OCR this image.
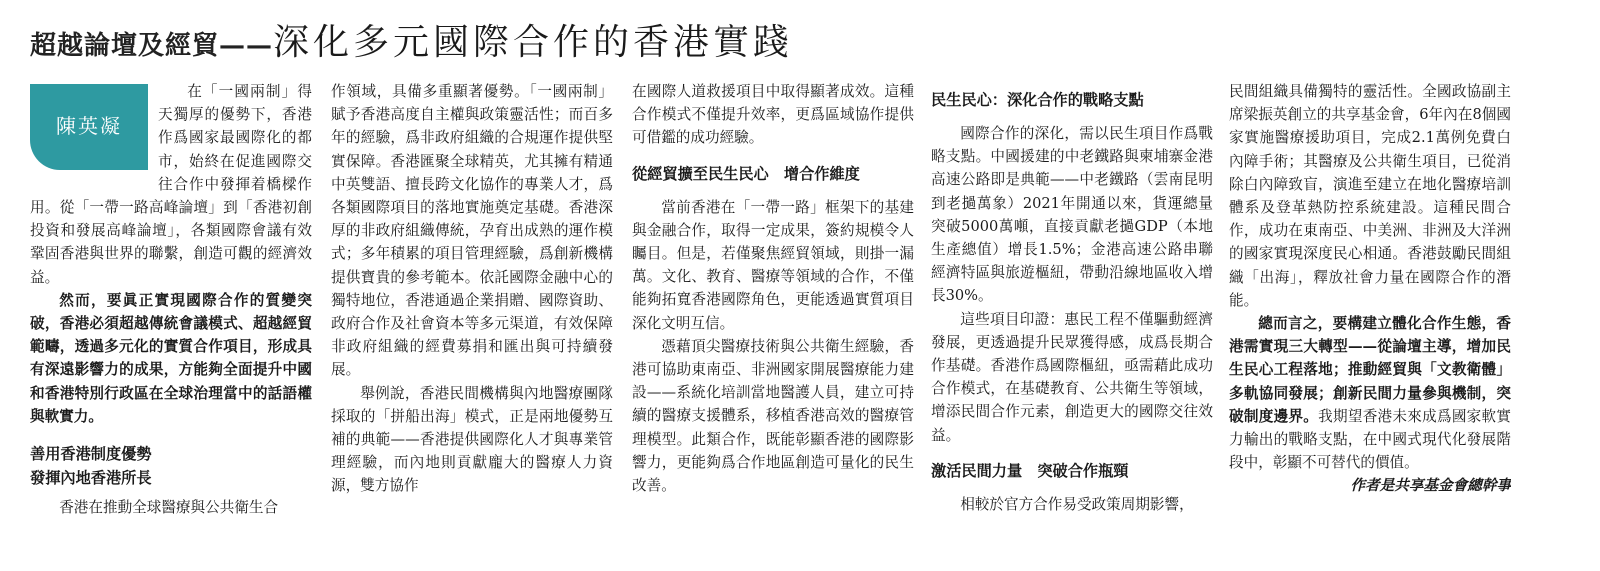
超越論壇及經貿—— 深化多元國際合作的香港實踐
陳英凝

在「一國兩制」得天獨厚的優勢下，香港作爲國家最國際化的都市，始終在促進國際交往合作中發揮着橋樑作用。從「一帶一路高峰論壇」到「香港初創投資和發展高峰論壇」，各類國際會議有效鞏固香港與世界的聯繫，創造可觀的經濟效益。

然而，要眞正實現國際合作的質變突破，香港必須超越傳統會議模式、超越經貿範疇，透過多元化的實質合作項目，形成具有深遠影響力的成果，方能夠全面提升中國和香港特別行政區在全球治理當中的話語權與軟實力。

善用香港制度優勢
發揮內地香港所長

香港在推動全球醫療與公共衛生合

作領域，具備多重顯著優勢。「一國兩制」賦予香港高度自主權與政策靈活性；而百多年的經驗，爲非政府組織的合規運作提供堅實保障。香港匯聚全球精英，尤其擁有精通中英雙語、擅長跨文化協作的專業人才，爲各類國際項目的落地實施奠定基礎。香港深厚的非政府組織傳統，孕育出成熟的運作模式；多年積累的項目管理經驗，爲創新機構提供寶貴的參考範本。依託國際金融中心的獨特地位，香港通過企業捐贈、國際資助、政府合作及社會資本等多元渠道，有效保障非政府組織的經費募捐和匯出與可持續發展。

舉例說，香港民間機構與內地醫療團隊採取的「拼船出海」模式，正是兩地優勢互補的典範——香港提供國際化人才與專業管理經驗，而內地則貢獻龐大的醫療人力資源，雙方協作

在國際人道救援項目中取得顯著成效。這種合作模式不僅提升效率，更爲區域協作提供可借鑑的成功經驗。

從經貿擴至民生民心　增合作維度

當前香港在「一帶一路」框架下的基建與金融合作，取得一定成果，簽約規模令人矚目。但是，若僅聚焦經貿領域，則掛一漏萬。文化、教育、醫療等領域的合作，不僅能夠拓寬香港國際角色，更能透過實質項目深化文明互信。

憑藉頂尖醫療技術與公共衛生經驗，香港可協助東南亞、非洲國家開展醫療能力建設——系統化培訓當地醫護人員，建立可持續的醫療支援體系，移植香港高效的醫療管理模型。此類合作，既能彰顯香港的國際影響力，更能夠爲合作地區創造可量化的民生改善。

民生民心：深化合作的戰略支點

國際合作的深化，需以民生項目作爲戰略支點。中國援建的中老鐵路與柬埔寨金港高速公路即是典範——中老鐵路（雲南昆明到老撾萬象）2021年開通以來，貨運總量突破5000萬噸，直接貢獻老撾GDP（本地生產總值）增長1.5%；金港高速公路串聯經濟特區與旅遊樞紐，帶動沿線地區收入增長30%。

這些項目印證：惠民工程不僅驅動經濟發展，更透過提升民眾獲得感，成爲長期合作基礎。香港作爲國際樞紐，亟需藉此成功合作模式，在基礎教育、公共衛生等領域，增添民間合作元素，創造更大的國際交往效益。

激活民間力量　突破合作瓶頸

相較於官方合作易受政策周期影響，

民間組織具備獨特的靈活性。全國政協副主席梁振英創立的共享基金會，6年內在8個國家實施醫療援助項目，完成2.1萬例免費白內障手術；其醫療及公共衛生項目，已從消除白內障致盲，演進至建立在地化醫療培訓體系及登革熱防控系統建設。這種民間合作，成功在東南亞、中美洲、非洲及大洋洲的國家實現深度民心相通。香港鼓勵民間組織「出海」，釋放社會力量在國際合作的潛能。

總而言之，要構建立體化合作生態，香港需實現三大轉型——從論壇主導，增加民生民心工程落地；推動經貿與「文教衛體」多軌協同發展；創新民間力量參與機制，突破制度邊界。我期望香港未來成爲國家軟實力輸出的戰略支點，在中國式現代化發展階段中，彰顯不可替代的價值。

作者是共享基金會總幹事
